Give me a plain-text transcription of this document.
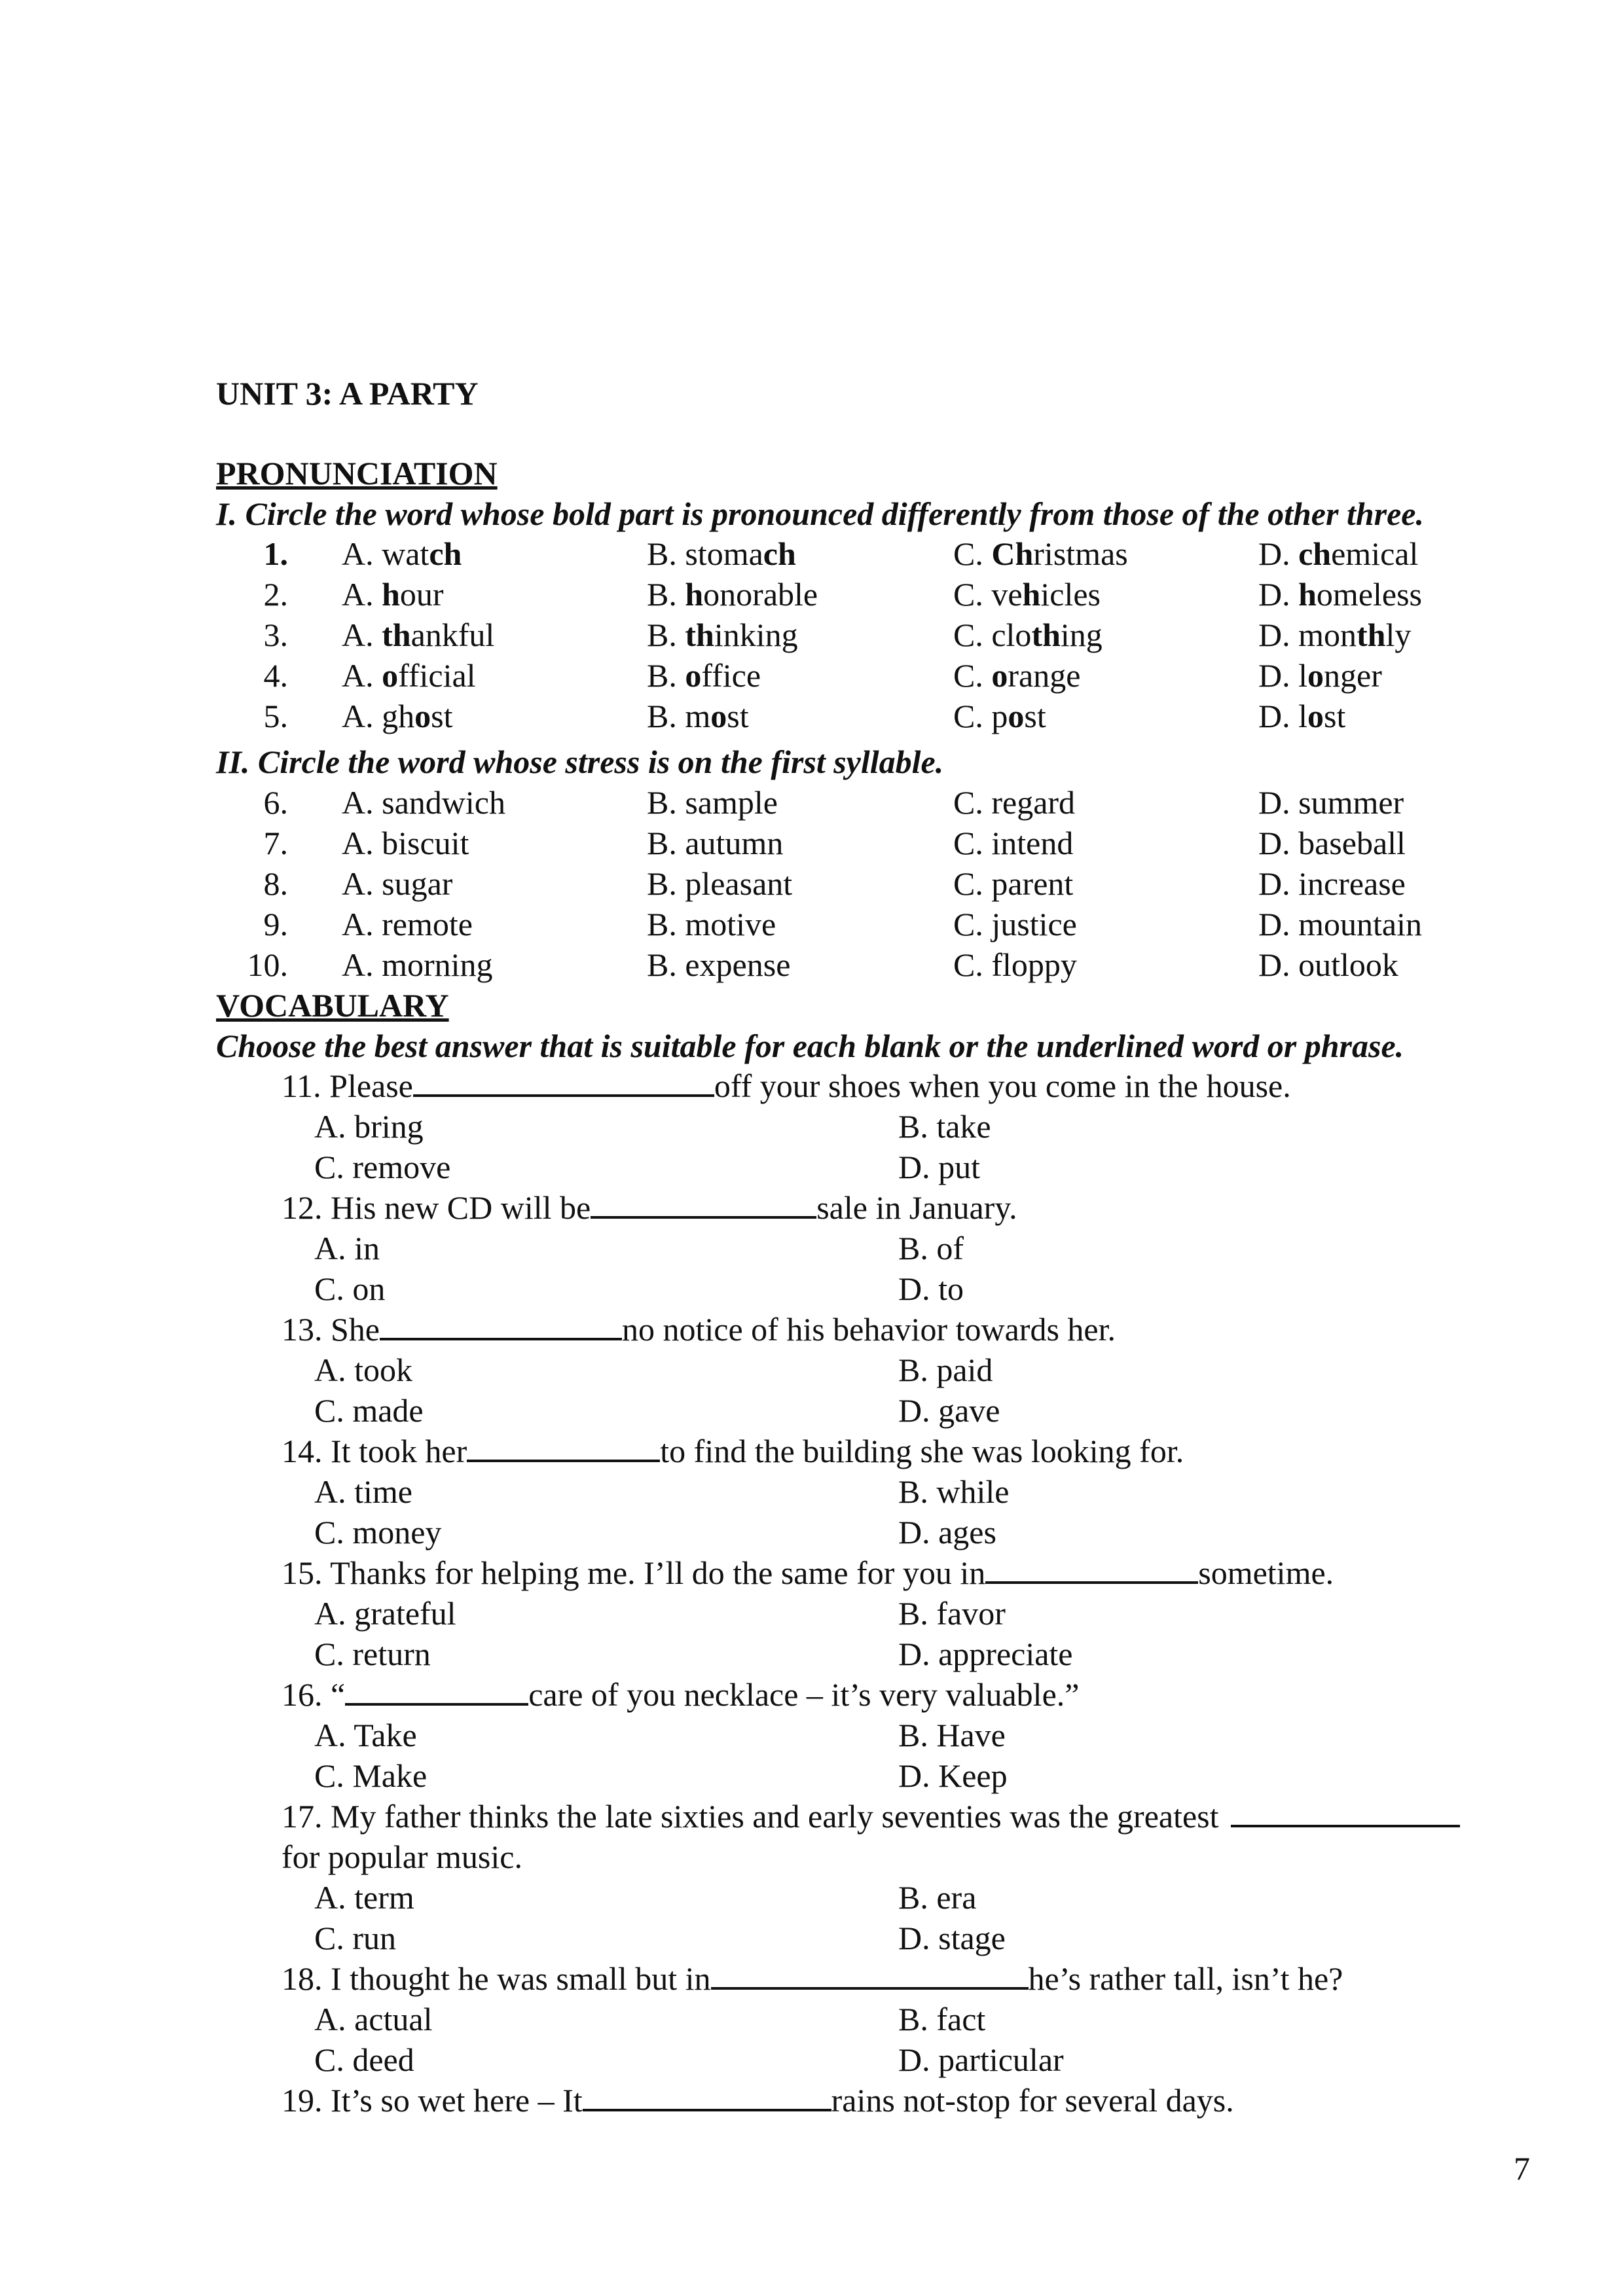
UNIT 3: A PARTY
PRONUNCIATION
I. Circle the word whose bold part is pronounced differently from those of the other three.
1. A. watch	B. stomach	C. Christmas	D. chemical
2. A. hour	B. honorable	C. vehicles	D. homeless
3. A. thankful	B. thinking	C. clothing	D. monthly
4. A. official	B. office	C. orange	D. longer
5. A. ghost	B. most	C. post	D. lost
II. Circle the word whose stress is on the first syllable.
6. A. sandwich	B. sample	C. regard	D. summer
7. A. biscuit	B. autumn	C. intend	D. baseball
8. A. sugar	B. pleasant	C. parent	D. increase
9. A. remote	B. motive	C. justice	D. mountain
10. A. morning	B. expense	C. floppy	D. outlook
VOCABULARY
Choose the best answer that is suitable for each blank or the underlined word or phrase.
11. Please	off your shoes when you come in the house.
A. bring	B. take
C. remove	D. put
12. His new CD will be	sale in January.
A. in	B. of
C. on	D. to
13. She	no notice of his behavior towards her.
A. took	B. paid
C. made	D. gave
14. It took her	to find the building she was looking for.
A. time	B. while
C. money	D. ages
15. Thanks for helping me. I’ll do the same for you in	sometime.
A. grateful	B. favor
C. return	D. appreciate
16. “	care of you necklace – it’s very valuable.”
A. Take	B. Have
C. Make	D. Keep
17. My father thinks the late sixties and early seventies was the greatest
for popular music.
A. term	B. era
C. run	D. stage
18. I thought he was small but in	he’s rather tall, isn’t he?
A. actual	B. fact
C. deed	D. particular
19. It’s so wet here – It	rains not-stop for several days.
7
